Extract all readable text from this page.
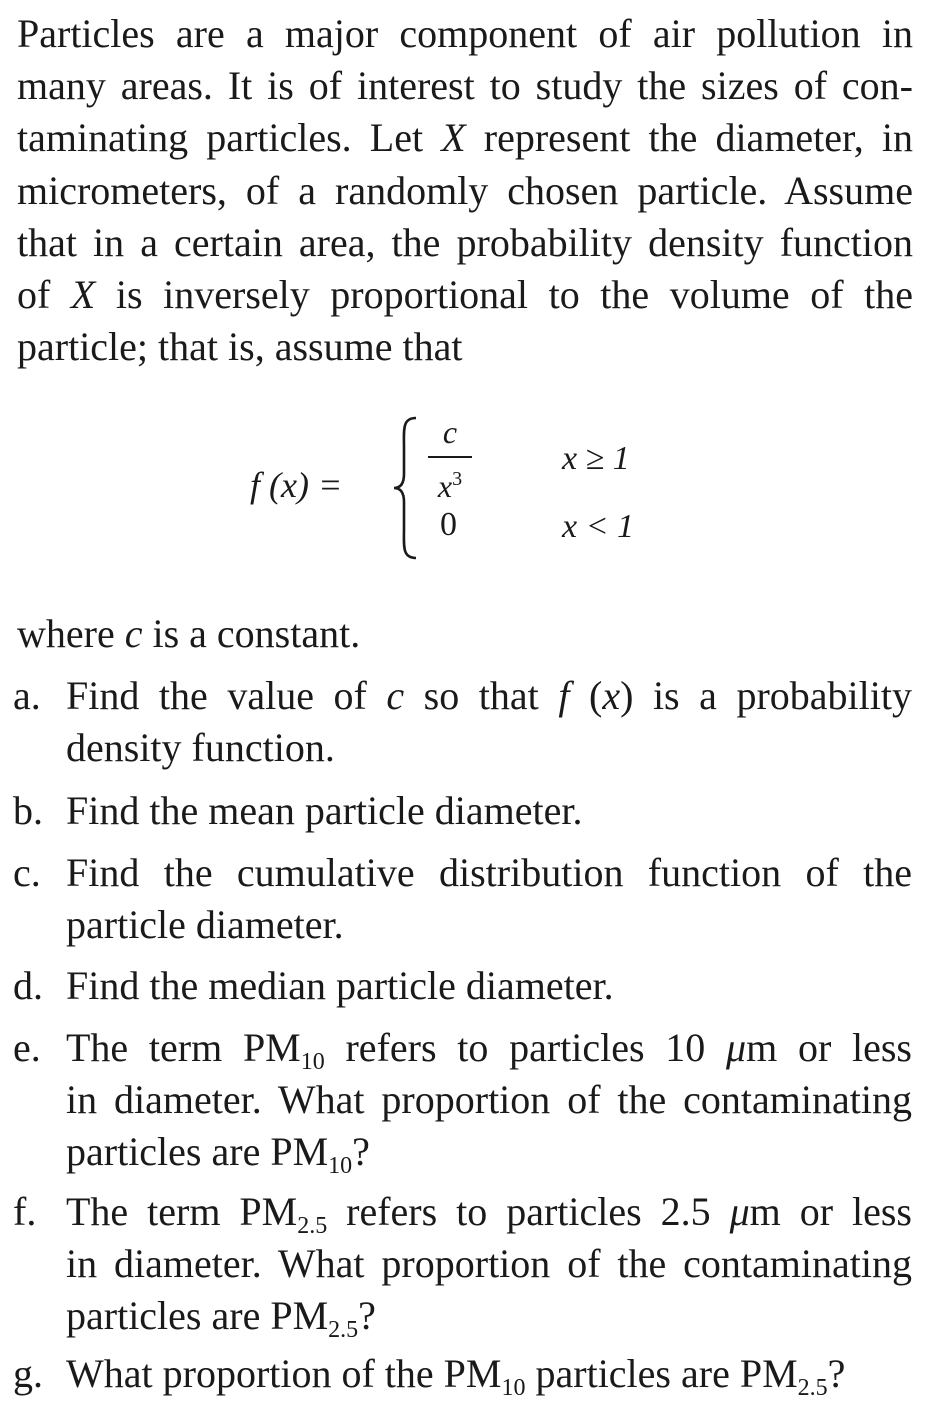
Particles are a major component of air pollution in
many areas. It is of interest to study the sizes of con-
taminating particles. Let X represent the diameter, in
micrometers, of a randomly chosen particle. Assume
that in a certain area, the probability density function
of X is inversely proportional to the volume of the
particle; that is, assume that
f (x) =
c
$x^3$
0
x ≥ 1
x < 1
where c is a constant.
a. Find the value of c so that f (x) is a probability
density function.
b. Find the mean particle diameter.
c. Find the cumulative distribution function of the
particle diameter.
d. Find the median particle diameter.
e. The term $PM_{10}$ refers to particles 10 μm or less
in diameter. What proportion of the contaminating
particles are $PM_{10}$?
f. The term $PM_{2.5}$ refers to particles 2.5 μm or less
in diameter. What proportion of the contaminating
particles are $PM_{2.5}$?
g. What proportion of the $PM_{10}$ particles are $PM_{2.5}$?
